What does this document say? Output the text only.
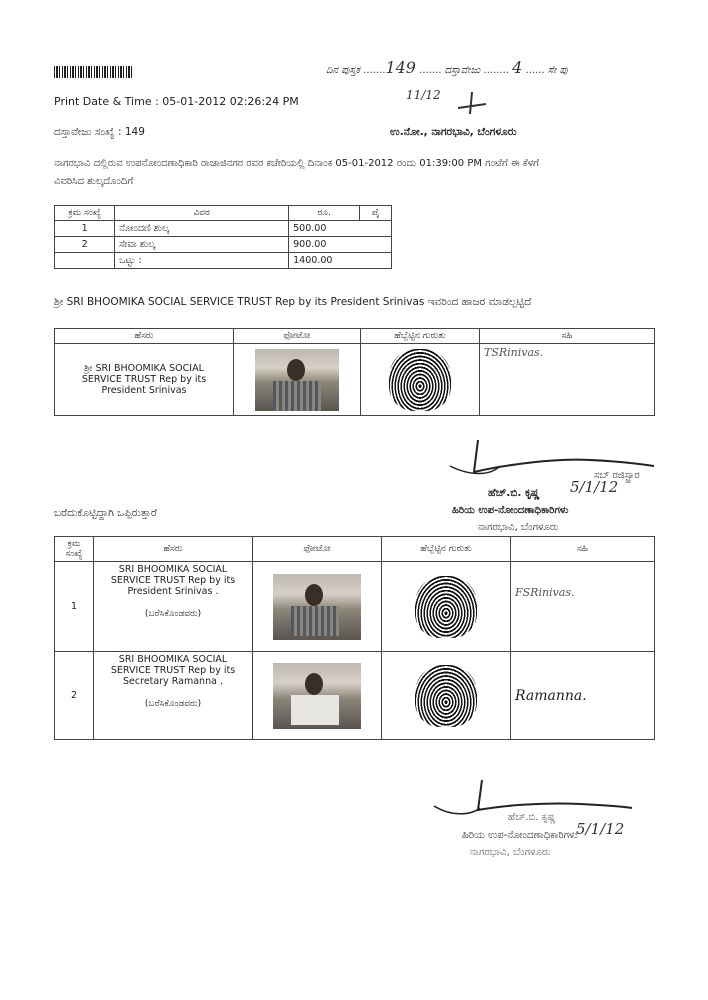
ದಿನ ಪುಸ್ತಕ .......149 ....... ದಸ್ತಾವೇಜು ........ 4 ...... ಸೇ ಪು
11/12
Print Date & Time : 05-01-2012 02:26:24 PM
ದಸ್ತಾವೇಜು ಸಂಖ್ಯೆ : 149	ಉ.ನೋ., ನಾಗರಭಾವಿ, ಬೆಂಗಳೂರು
ನಾಗರಭಾವಿ ದಲ್ಲಿರುವ ಉಪನೋಂದಣಾಧಿಕಾರಿ ರಾಜಾಜಿನಗರ ರವರ ಕಚೇರಿಯಲ್ಲಿ ದಿನಾಂಕ 05-01-2012 ರಂದು 01:39:00 PM ಗಂಟೆಗೆ ಈ ಕೆಳಗೆ
ವಿವರಿಸಿದ ಶುಲ್ಕದೊಂದಿಗೆ
ಕ್ರಮ ಸಂಖ್ಯೆ	ವಿವರ	ರೂ.	ಪೈ
1	ನೋಂದಣಿ ಶುಲ್ಕ	500.00	
2	ಸೇವಾ ಶುಲ್ಕ	900.00	
	ಒಟ್ಟು :	1400.00	
ಶ್ರೀ SRI BHOOMIKA SOCIAL SERVICE TRUST Rep by its President Srinivas ಇವರಿಂದ ಹಾಜರ ಮಾಡಲ್ಪಟ್ಟಿದೆ
ಹೆಸರು	ಫೋಟೋ	ಹೆಬ್ಬೆಟ್ಟಿನ ಗುರುತು	ಸಹಿ
ಶ್ರೀ SRI BHOOMIKA SOCIAL SERVICE TRUST Rep by its President Srinivas			TSRinivas.
ಸಬ್ ರಜಿಸ್ಟ್ರಾರ
ಹೆಚ್.ಬಿ. ಕೃಷ್ಣ 5/1/12
ಹಿರಿಯ ಉಪ-ನೋಂದಣಾಧಿಕಾರಿಗಳು
ನಾಗರಭಾವಿ, ಬೆಂಗಳೂರು
ಬರೆದುಕೊಟ್ಟಿದ್ದಾಗಿ ಒಪ್ಪಿರುತ್ತಾರೆ
ಕ್ರಮ ಸಂಖ್ಯೆ	ಹೆಸರು	ಫೋಟೋ	ಹೆಬ್ಬೆಟ್ಟಿನ ಗುರುತು	ಸಹಿ
1	SRI BHOOMIKA SOCIAL SERVICE TRUST Rep by its President Srinivas .
(ಬರೆಸಿಕೊಂಡವರು)			FSRinivas.
2	SRI BHOOMIKA SOCIAL SERVICE TRUST Rep by its Secretary Ramanna .
(ಬರೆಸಿಕೊಂಡವರು)			Ramanna.
ಹೆಚ್.ಬಿ. ಕೃಷ್ಣ
5/1/12
ಹಿರಿಯ ಉಪ-ನೋಂದಣಾಧಿಕಾರಿಗಳು
ನಾಗರಭಾವಿ, ಬೆಂಗಳೂರು
